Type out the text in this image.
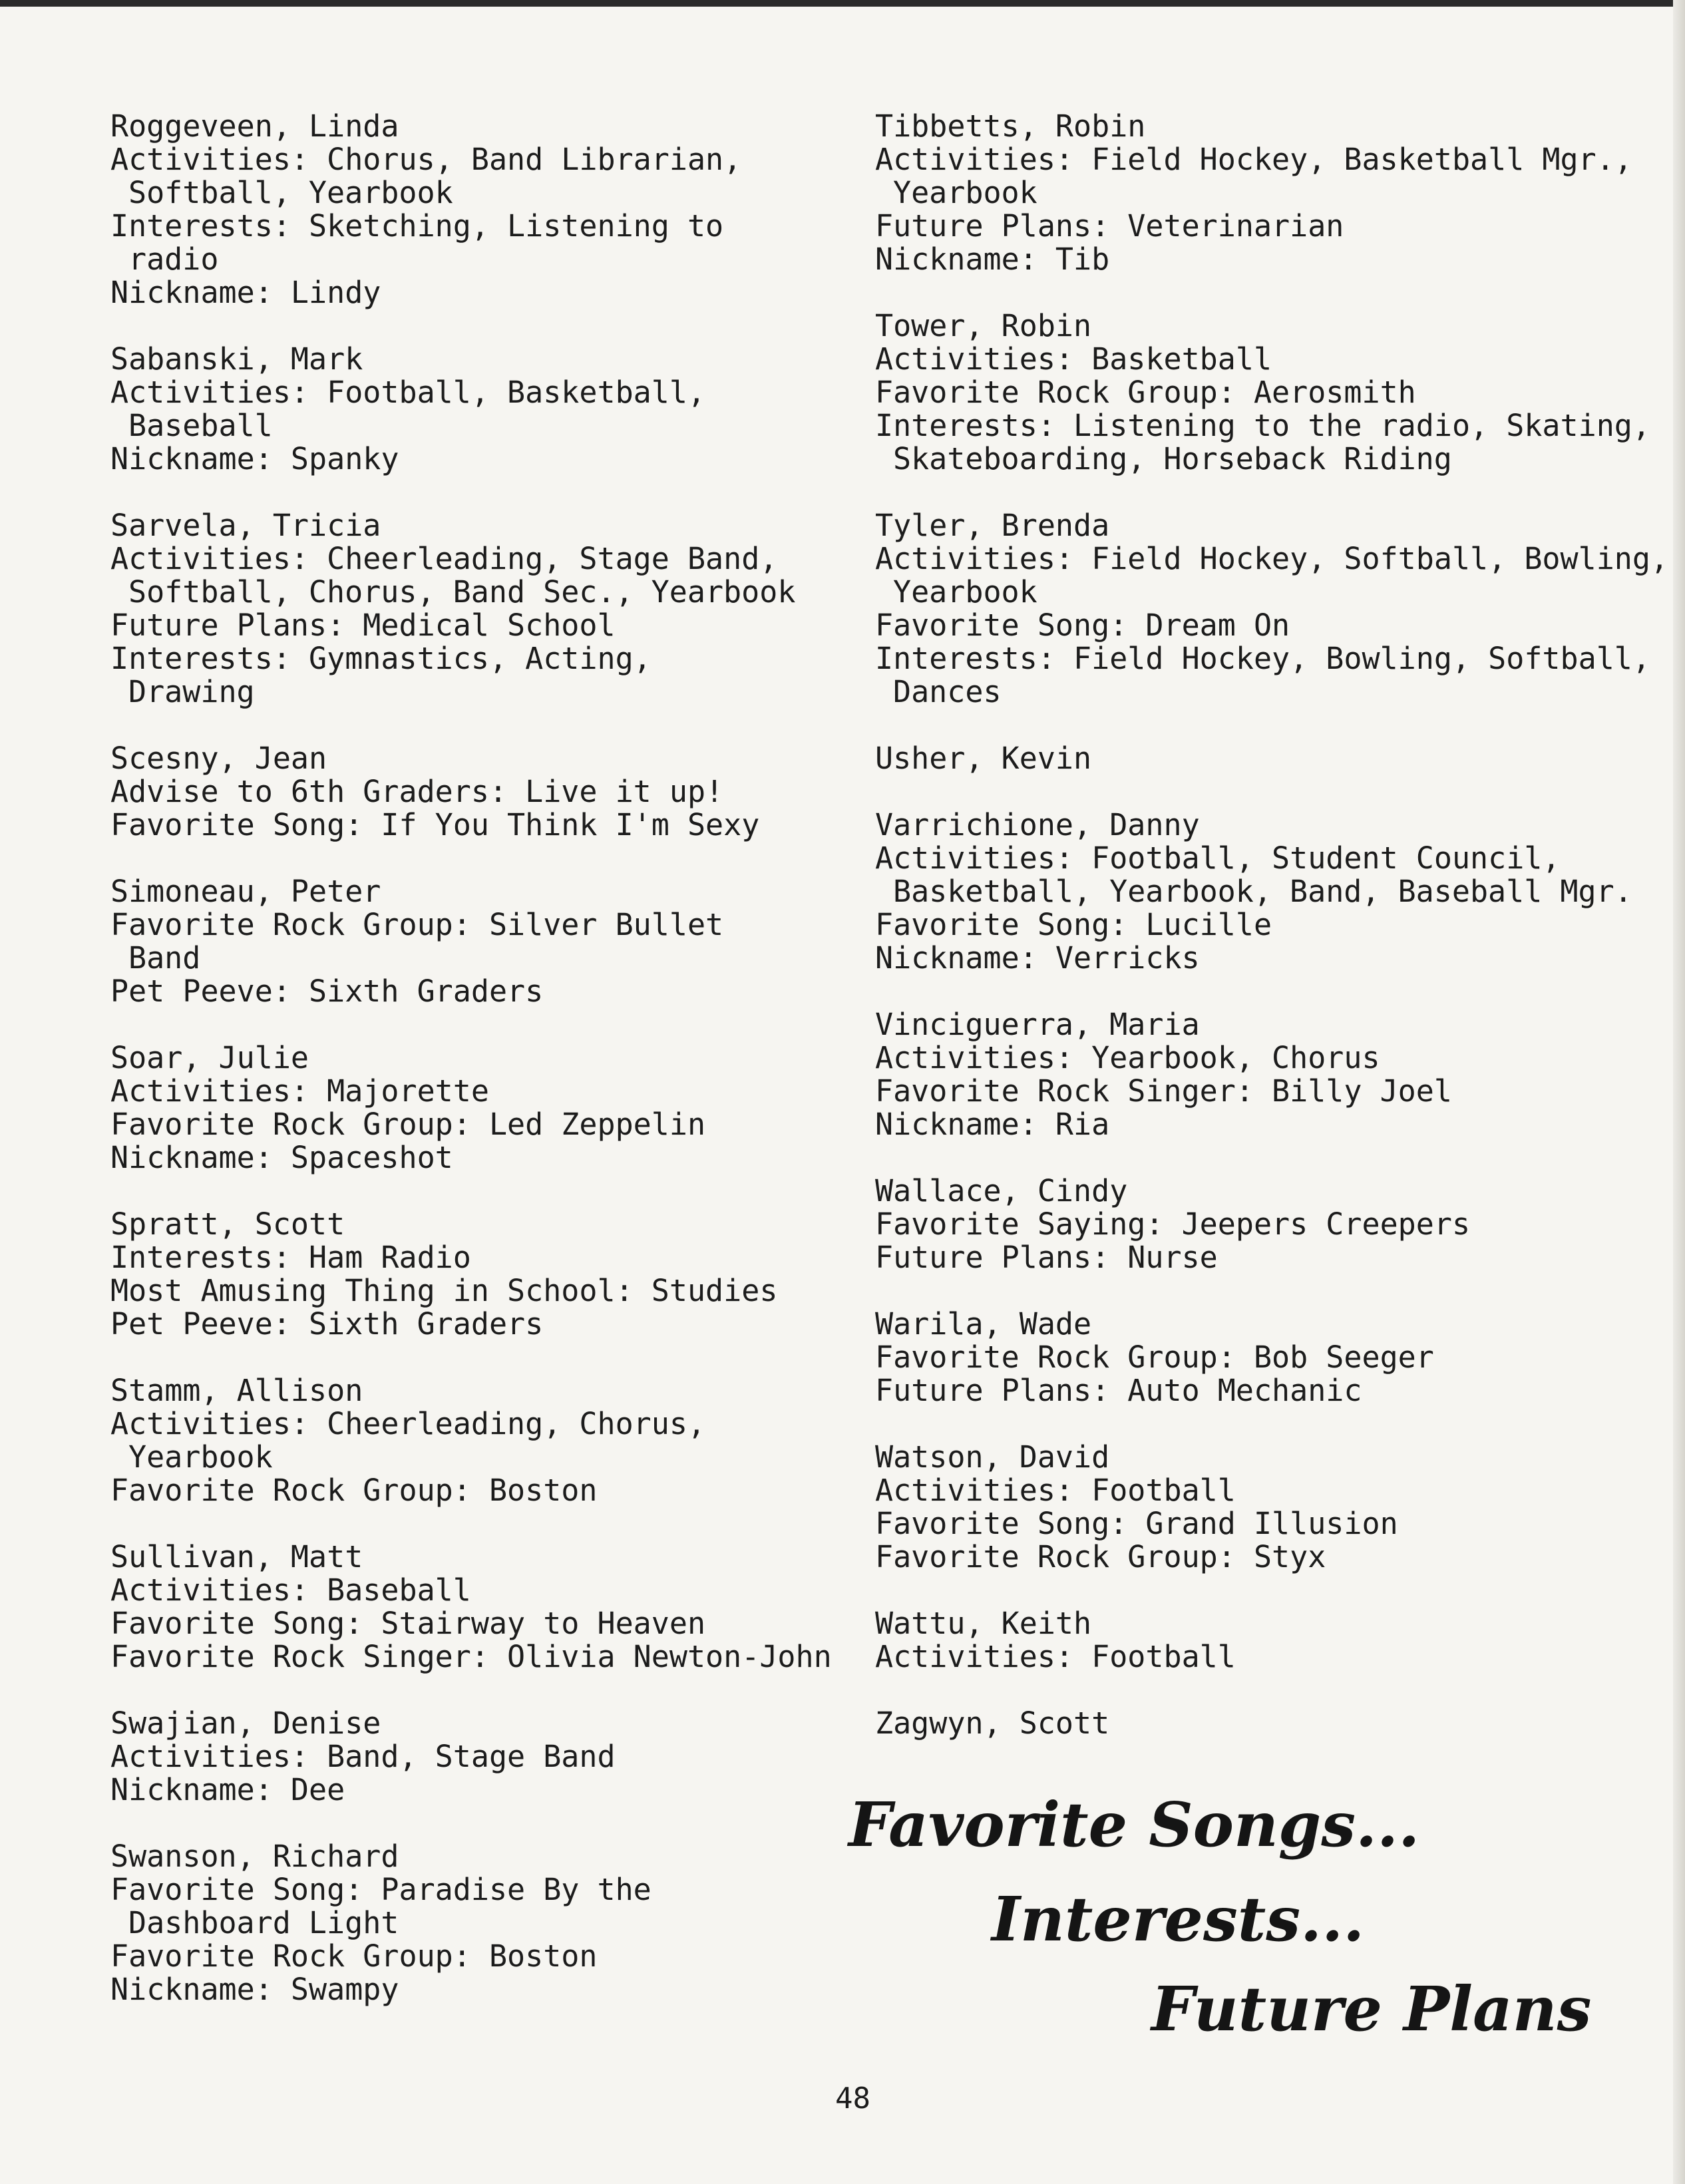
Roggeveen, Linda
Activities: Chorus, Band Librarian,
Softball, Yearbook
Interests: Sketching, Listening to
radio
Nickname: Lindy
Sabanski, Mark
Activities: Football, Basketball,
Baseball
Nickname: Spanky
Sarvela, Tricia
Activities: Cheerleading, Stage Band,
Softball, Chorus, Band Sec., Yearbook
Future Plans: Medical School
Interests: Gymnastics, Acting,
Drawing
Scesny, Jean
Advise to 6th Graders: Live it up!
Favorite Song: If You Think I'm Sexy
Simoneau, Peter
Favorite Rock Group: Silver Bullet
Band
Pet Peeve: Sixth Graders
Soar, Julie
Activities: Majorette
Favorite Rock Group: Led Zeppelin
Nickname: Spaceshot
Spratt, Scott
Interests: Ham Radio
Most Amusing Thing in School: Studies
Pet Peeve: Sixth Graders
Stamm, Allison
Activities: Cheerleading, Chorus,
Yearbook
Favorite Rock Group: Boston
Sullivan, Matt
Activities: Baseball
Favorite Song: Stairway to Heaven
Favorite Rock Singer: Olivia Newton-John
Swajian, Denise
Activities: Band, Stage Band
Nickname: Dee
Swanson, Richard
Favorite Song: Paradise By the
Dashboard Light
Favorite Rock Group: Boston
Nickname: Swampy
Tibbetts, Robin
Activities: Field Hockey, Basketball Mgr.,
Yearbook
Future Plans: Veterinarian
Nickname: Tib
Tower, Robin
Activities: Basketball
Favorite Rock Group: Aerosmith
Interests: Listening to the radio, Skating,
Skateboarding, Horseback Riding
Tyler, Brenda
Activities: Field Hockey, Softball, Bowling,
Yearbook
Favorite Song: Dream On
Interests: Field Hockey, Bowling, Softball,
Dances
Usher, Kevin
Varrichione, Danny
Activities: Football, Student Council,
Basketball, Yearbook, Band, Baseball Mgr.
Favorite Song: Lucille
Nickname: Verricks
Vinciguerra, Maria
Activities: Yearbook, Chorus
Favorite Rock Singer: Billy Joel
Nickname: Ria
Wallace, Cindy
Favorite Saying: Jeepers Creepers
Future Plans: Nurse
Warila, Wade
Favorite Rock Group: Bob Seeger
Future Plans: Auto Mechanic
Watson, David
Activities: Football
Favorite Song: Grand Illusion
Favorite Rock Group: Styx
Wattu, Keith
Activities: Football
Zagwyn, Scott
Favorite Songs...
Interests...
Future Plans
48
